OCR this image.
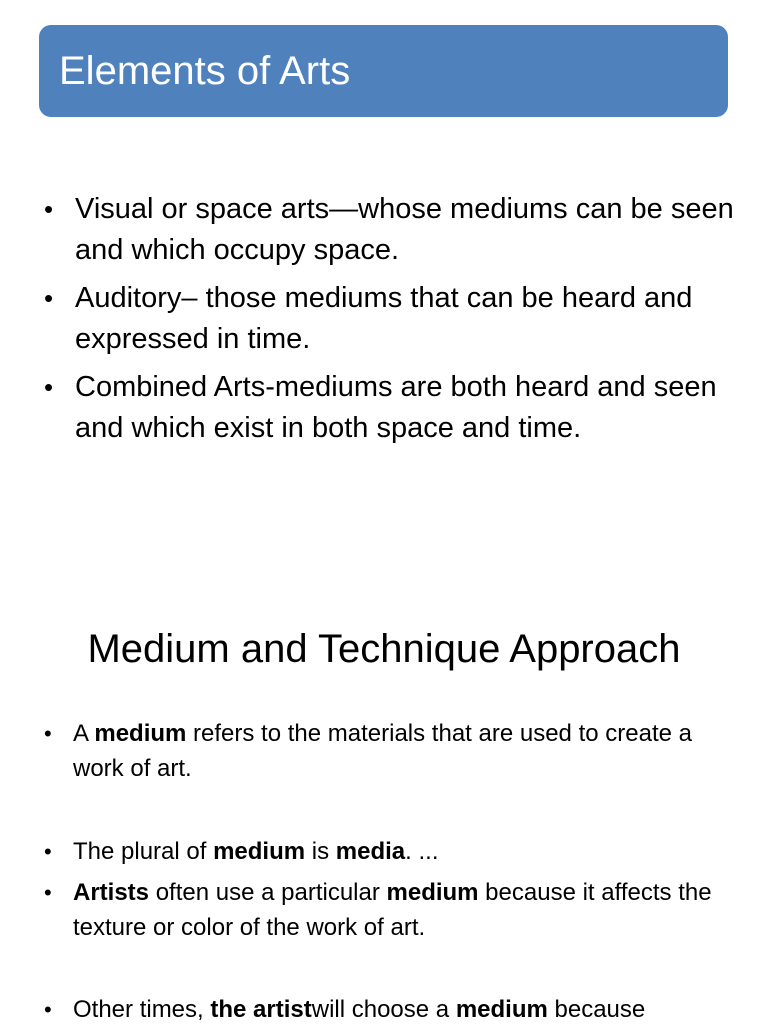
Elements of Arts
• Visual or space arts—whose mediums can be seen and which occupy space.
• Auditory– those mediums that can be heard and expressed in time.
• Combined Arts-mediums are both heard and seen and which exist in both space and time.
Medium and Technique Approach
• A medium refers to the materials that are used to create a work of art.
• The plural of medium is media. ...
• Artists often use a particular medium because it affects the texture or color of the work of art.
• Other times, the artistwill choose a medium because
